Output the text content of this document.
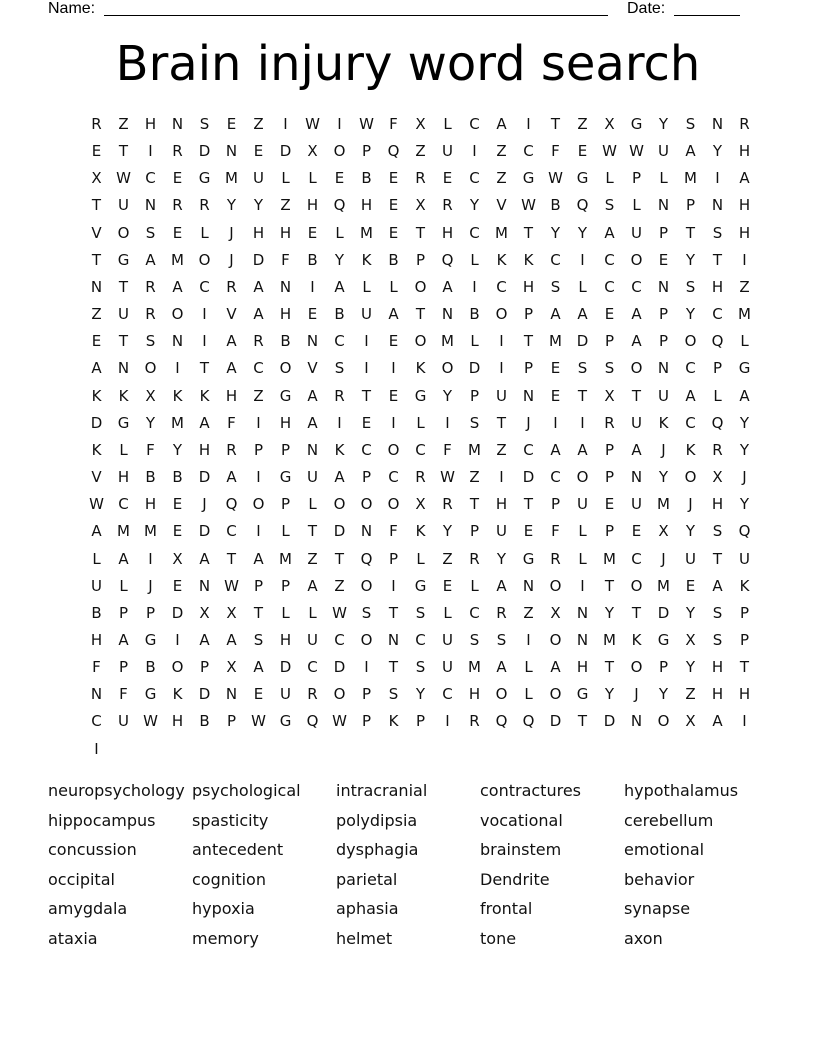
Name:	Date:
Brain injury word search
R	Z	H	N	S	E	Z	I	W	I	W	F	X	L	C	A	I	T	Z	X	G	Y	S	N	R
E	T	I	R	D	N	E	D	X	O	P	Q	Z	U	I	Z	C	F	E W W U	A	Y	H
X W C	E	G M	U	L	L	E	B	E	R	E	C	Z	G W G	L	P	L	M	I	A
T	U	N	R	R	Y	Y	Z	H	Q	H	E	X	R	Y	V W B	Q	S	L	N	P	N	H
V	O	S	E	L	J	H	H	E	L	M	E	T	H	C	M	T	Y	Y	A	U	P	T	S	H
T	G	A	M O	J	D	F	B	Y	K	B	P	Q	L	K	K	C	I	C	O	E	Y	T	I
N	T	R	A	C	R	A	N	I	A	L	L	O	A	I	C	H	S	L	C	C	N	S	H	Z
Z	U	R	O	I	V	A	H	E	B	U	A	T	N	B	O	P	A	A	E	A	P	Y	C	M
E	T	S	N	I	A	R	B	N	C	I	E	O M	L	I	T	M D	P	A	P	O	Q	L
A	N	O	I	T	A	C	O	V	S	I	I	K	O	D	I	P	E	S	S	O	N	C	P	G
K	K	X	K	K	H	Z	G	A	R	T	E	G	Y	P	U	N	E	T	X	T	U	A	L	A
D	G	Y	M	A	F	I	H	A	I	E	I	L	I	S	T	J	I	I	R	U	K	C	Q	Y
K	L	F	Y	H	R	P	P	N	K	C	O	C	F	M	Z	C	A	A	P	A	J	K	R	Y
V	H	B	B	D	A	I	G	U	A	P	C	R W Z	I	D	C	O	P	N	Y	O	X	J
W C	H	E	J	Q	O	P	L	O	O	O	X	R	T	H	T	P	U	E	U	M	J	H	Y
A	M M	E	D	C	I	L	T	D	N	F	K	Y	P	U	E	F	L	P	E	X	Y	S	Q
L	A	I	X	A	T	A	M	Z	T	Q	P	L	Z	R	Y	G	R	L	M	C	J	U	T	U
U	L	J	E	N W	P	P	A	Z	O	I	G	E	L	A	N	O	I	T	O M	E	A	K
B	P	P	D	X	X	T	L	L	W S	T	S	L	C	R	Z	X	N	Y	T	D	Y	S	P
H	A	G	I	A	A	S	H	U	C	O	N	C	U	S	S	I	O	N M	K	G	X	S	P
F	P	B	O	P	X	A	D	C	D	I	T	S	U	M	A	L	A	H	T	O	P	Y	H	T
N	F	G	K	D	N	E	U	R	O	P	S	Y	C	H	O	L	O	G	Y	J	Y	Z	H	H
C	U W H	B	P	W G	Q W	P	K	P	I	R	Q	Q	D	T	D	N	O	X	A	I
I
neuropsychology psychological	intracranial	contractures	hypothalamus
hippocampus	spasticity	polydipsia	vocational	cerebellum
concussion	antecedent	dysphagia	brainstem	emotional
occipital	cognition	parietal	Dendrite	behavior
amygdala	hypoxia	aphasia	frontal	synapse
ataxia	memory	helmet	tone	axon
